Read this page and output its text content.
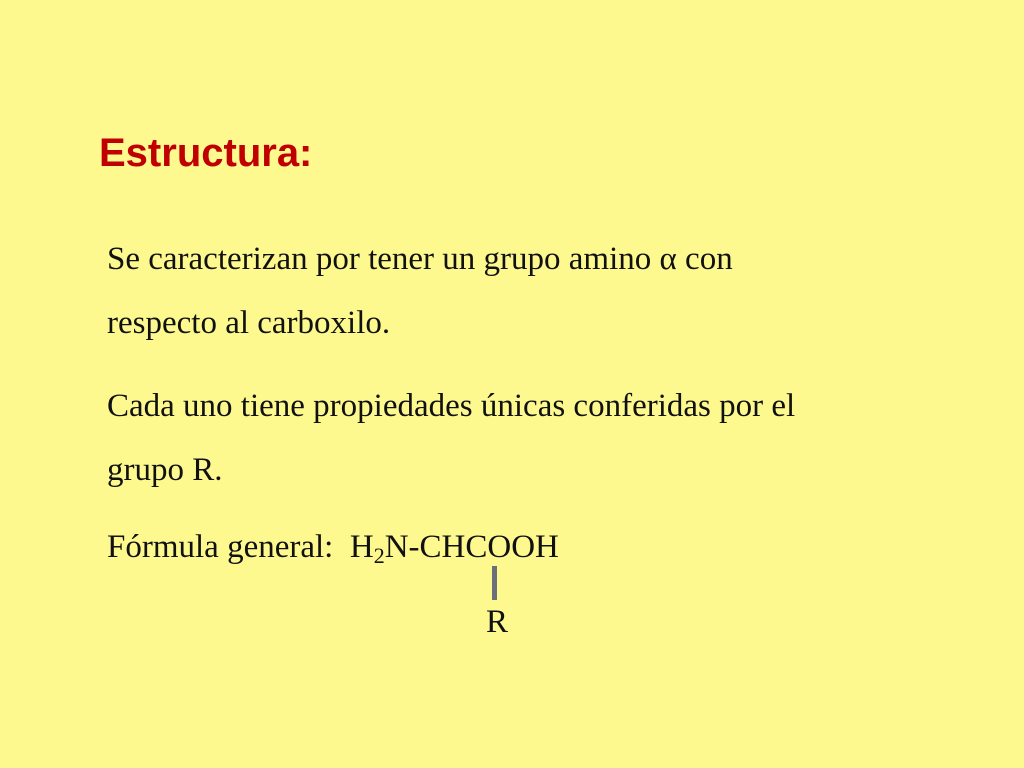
Estructura:
Se caracterizan por tener un grupo amino α con
respecto al carboxilo.
Cada uno tiene propiedades únicas conferidas por el
grupo R.
Fórmula general: $H_2N$-CHCOOH
R
